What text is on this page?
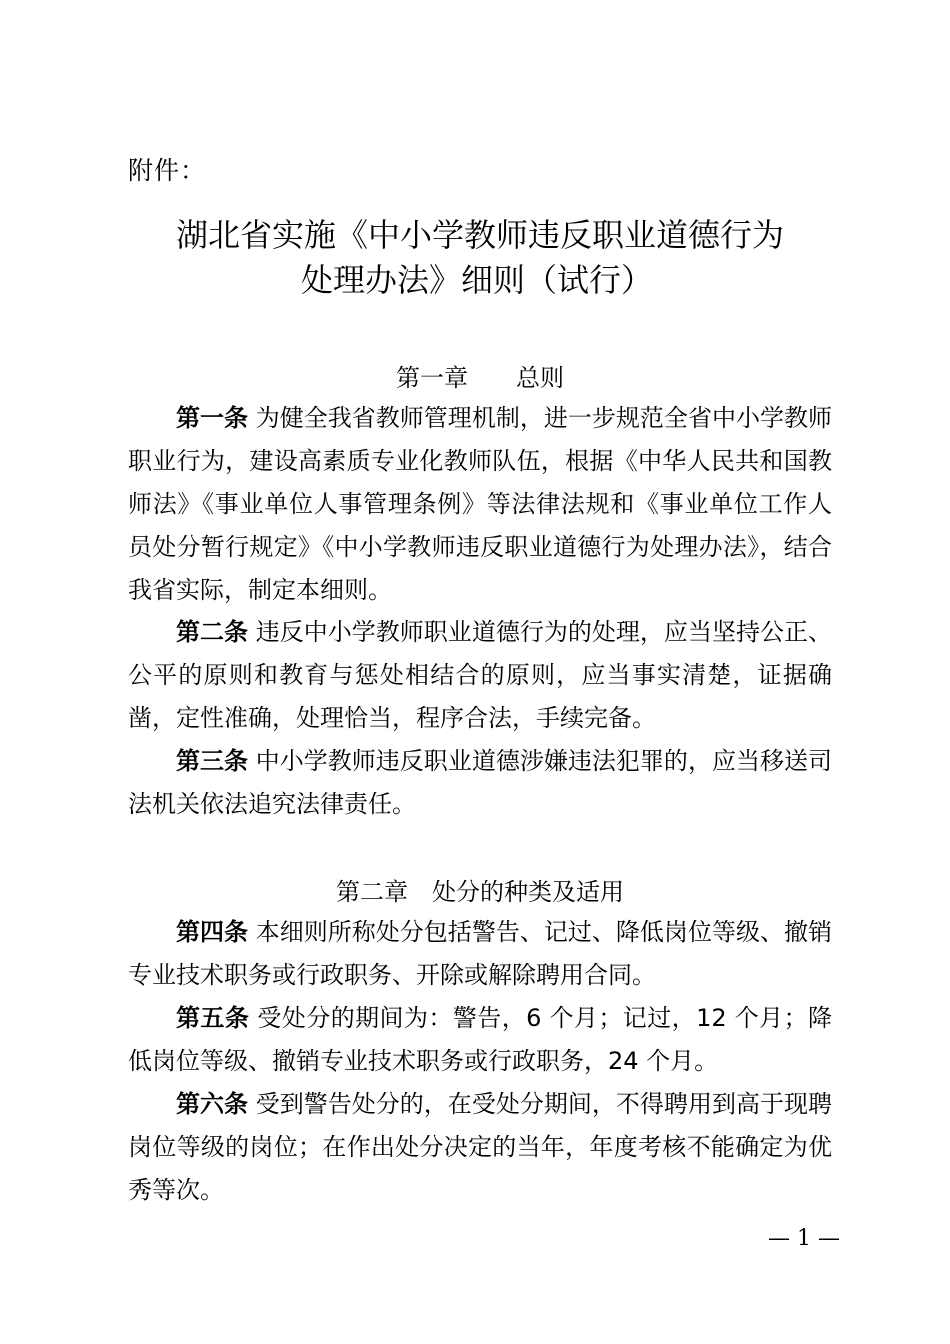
附件：
湖北省实施《中小学教师违反职业道德行为
处理办法》细则（试行）
第一章　　总则

第一条 为健全我省教师管理机制，进一步规范全省中小学教师职业行为，建设高素质专业化教师队伍，根据《中华人民共和国教师法》《事业单位人事管理条例》等法律法规和《事业单位工作人员处分暂行规定》《中小学教师违反职业道德行为处理办法》，结合我省实际，制定本细则。

第二条 违反中小学教师职业道德行为的处理，应当坚持公正、公平的原则和教育与惩处相结合的原则，应当事实清楚，证据确凿，定性准确，处理恰当，程序合法，手续完备。

第三条 中小学教师违反职业道德涉嫌违法犯罪的，应当移送司法机关依法追究法律责任。

第二章　处分的种类及适用

第四条 本细则所称处分包括警告、记过、降低岗位等级、撤销专业技术职务或行政职务、开除或解除聘用合同。

第五条 受处分的期间为：警告，6 个月；记过，12 个月；降低岗位等级、撤销专业技术职务或行政职务，24 个月。

第六条 受到警告处分的，在受处分期间，不得聘用到高于现聘岗位等级的岗位；在作出处分决定的当年，年度考核不能确定为优秀等次。

— 1 —
